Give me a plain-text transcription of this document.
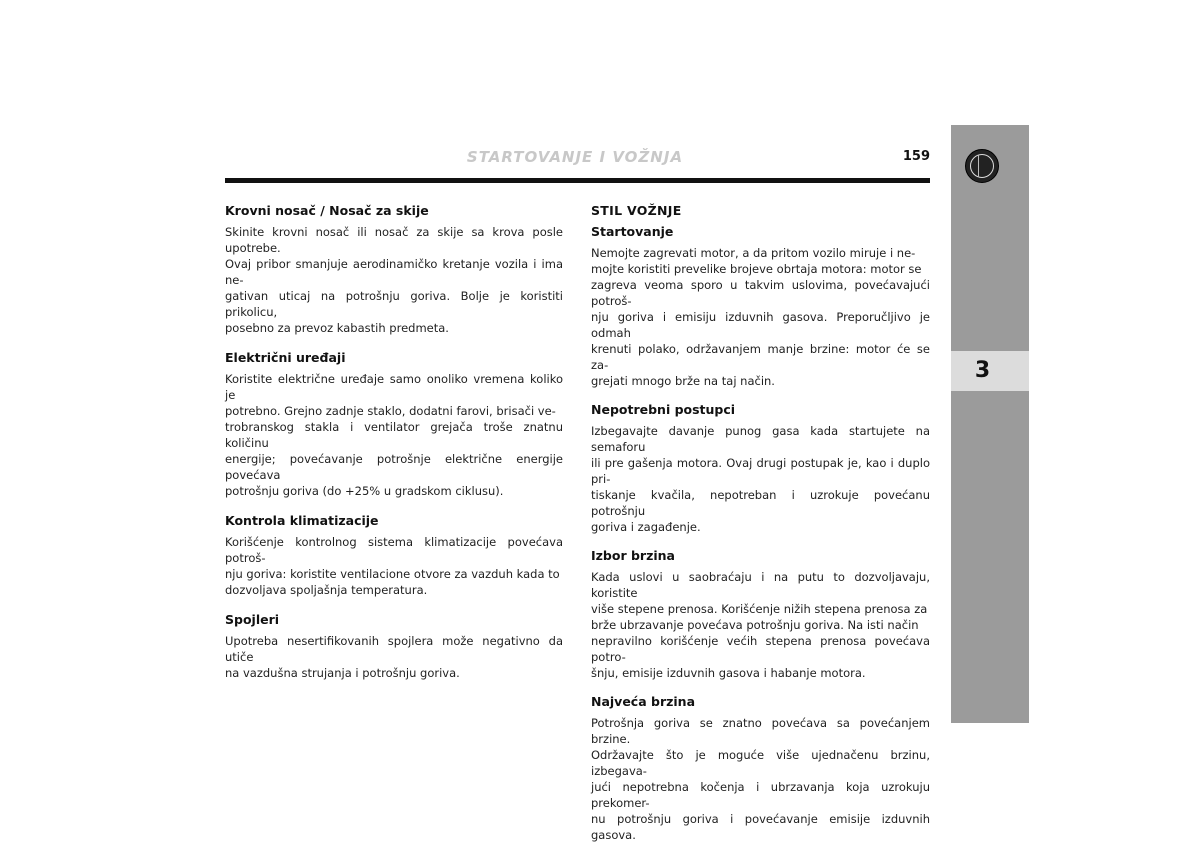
STARTOVANJE I VOŽNJA	159
3
Krovni nosač / Nosač za skije

Skinite krovni nosač ili nosač za skije sa krova posle upotrebe.
Ovaj pribor smanjuje aerodinamičko kretanje vozila i ima ne-
gativan uticaj na potrošnju goriva. Bolje je koristiti prikolicu,
posebno za prevoz kabastih predmeta.

Električni uređaji

Koristite električne uređaje samo onoliko vremena koliko je
potrebno. Grejno zadnje staklo, dodatni farovi, brisači ve-
trobranskog stakla i ventilator grejača troše znatnu količinu
energije; povećavanje potrošnje električne energije povećava
potrošnju goriva (do +25% u gradskom ciklusu).

Kontrola klimatizacije

Korišćenje kontrolnog sistema klimatizacije povećava potroš-
nju goriva: koristite ventilacione otvore za vazduh kada to
dozvoljava spoljašnja temperatura.

Spojleri

Upotreba nesertifikovanih spojlera može negativno da utiče
na vazdušna strujanja i potrošnju goriva.

STIL VOŽNJE
Startovanje

Nemojte zagrevati motor, a da pritom vozilo miruje i ne-
mojte koristiti prevelike brojeve obrtaja motora: motor se
zagreva veoma sporo u takvim uslovima, povećavajući potroš-
nju goriva i emisiju izduvnih gasova. Preporučljivo je odmah
krenuti polako, održavanjem manje brzine: motor će se za-
grejati mnogo brže na taj način.

Nepotrebni postupci

Izbegavajte davanje punog gasa kada startujete na semaforu
ili pre gašenja motora. Ovaj drugi postupak je, kao i duplo pri-
tiskanje kvačila, nepotreban i uzrokuje povećanu potrošnju
goriva i zagađenje.

Izbor brzina

Kada uslovi u saobraćaju i na putu to dozvoljavaju, koristite
više stepene prenosa. Korišćenje nižih stepena prenosa za
brže ubrzavanje povećava potrošnju goriva. Na isti način
nepravilno korišćenje većih stepena prenosa povećava potro-
šnju, emisije izduvnih gasova i habanje motora.

Najveća brzina

Potrošnja goriva se znatno povećava sa povećanjem brzine.
Održavajte što je moguće više ujednačenu brzinu, izbegava-
jući nepotrebna kočenja i ubrzavanja koja uzrokuju prekomer-
nu potrošnju goriva i povećavanje emisije izduvnih gasova.
